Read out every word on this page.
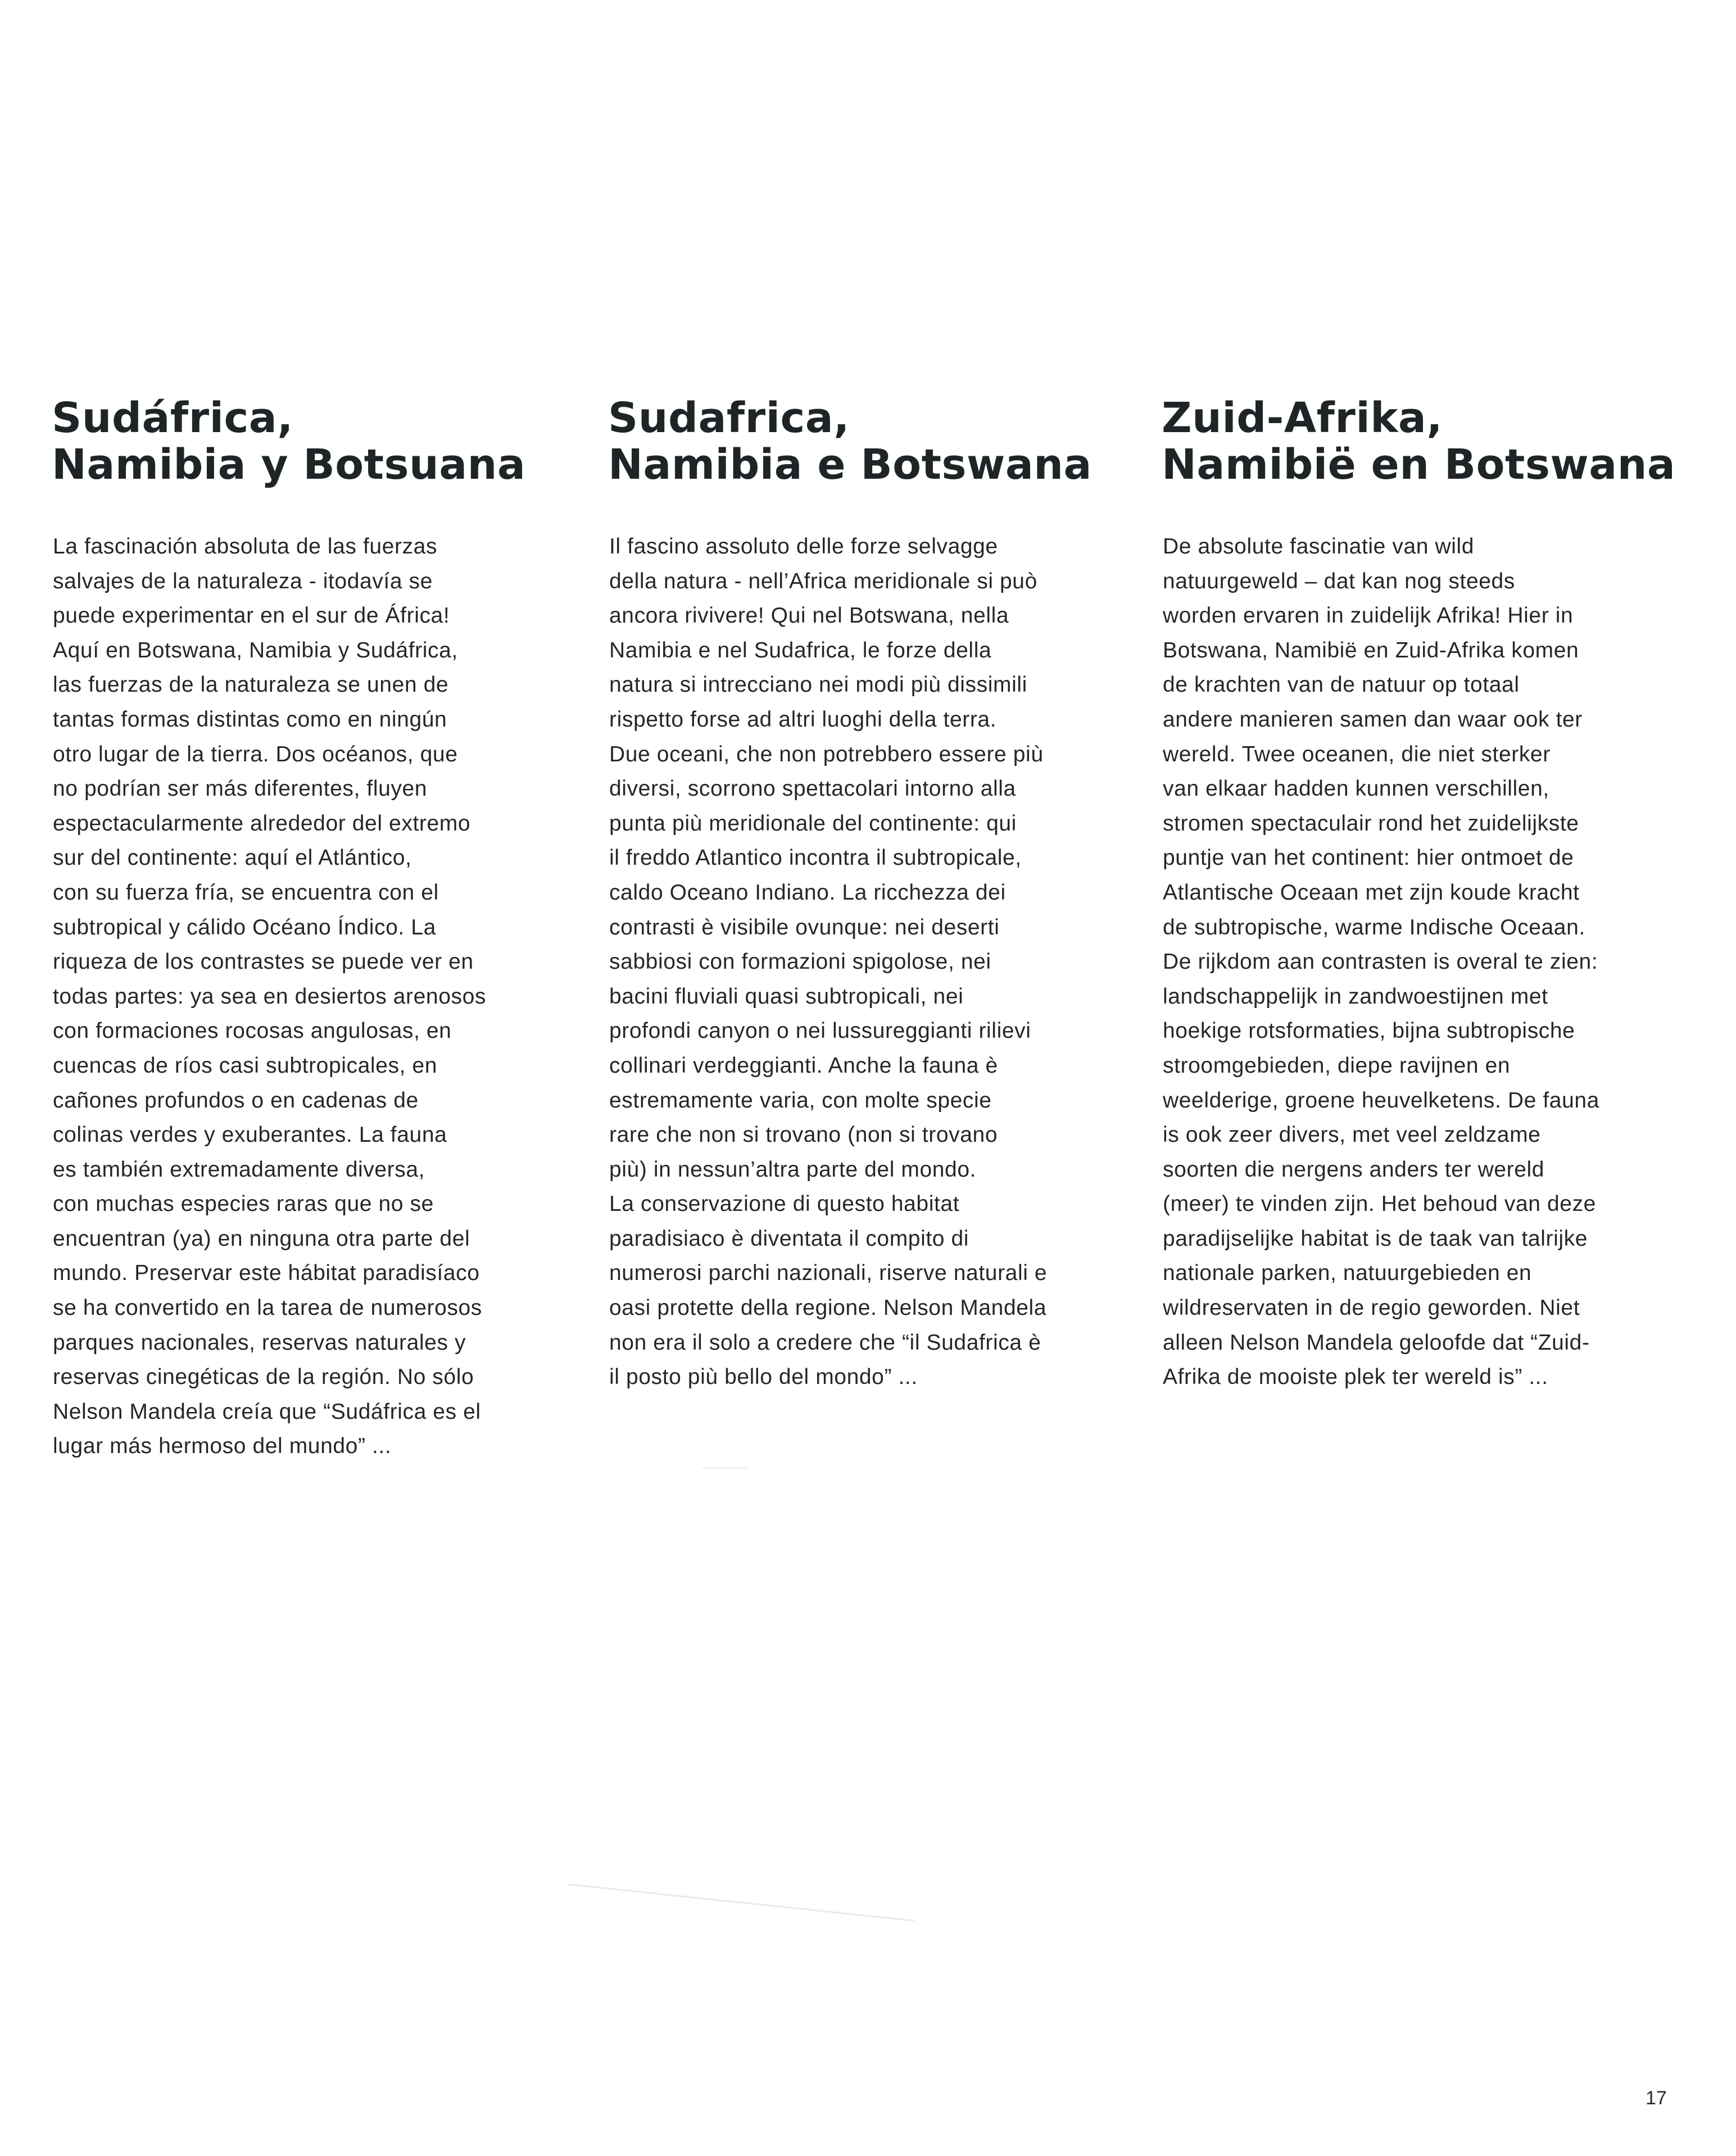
Sudáfrica,
Namibia y Botsuana

La fascinación absoluta de las fuerzas
salvajes de la naturaleza - itodavía se
puede experimentar en el sur de África!
Aquí en Botswana, Namibia y Sudáfrica,
las fuerzas de la naturaleza se unen de
tantas formas distintas como en ningún
otro lugar de la tierra. Dos océanos, que
no podrían ser más diferentes, fluyen
espectacularmente alrededor del extremo
sur del continente: aquí el Atlántico,
con su fuerza fría, se encuentra con el
subtropical y cálido Océano Índico. La
riqueza de los contrastes se puede ver en
todas partes: ya sea en desiertos arenosos
con formaciones rocosas angulosas, en
cuencas de ríos casi subtropicales, en
cañones profundos o en cadenas de
colinas verdes y exuberantes. La fauna
es también extremadamente diversa,
con muchas especies raras que no se
encuentran (ya) en ninguna otra parte del
mundo. Preservar este hábitat paradisíaco
se ha convertido en la tarea de numerosos
parques nacionales, reservas naturales y
reservas cinegéticas de la región. No sólo
Nelson Mandela creía que “Sudáfrica es el
lugar más hermoso del mundo” ...

Sudafrica,
Namibia e Botswana

Il fascino assoluto delle forze selvagge
della natura - nell’Africa meridionale si può
ancora rivivere! Qui nel Botswana, nella
Namibia e nel Sudafrica, le forze della
natura si intrecciano nei modi più dissimili
rispetto forse ad altri luoghi della terra.
Due oceani, che non potrebbero essere più
diversi, scorrono spettacolari intorno alla
punta più meridionale del continente: qui
il freddo Atlantico incontra il subtropicale,
caldo Oceano Indiano. La ricchezza dei
contrasti è visibile ovunque: nei deserti
sabbiosi con formazioni spigolose, nei
bacini fluviali quasi subtropicali, nei
profondi canyon o nei lussureggianti rilievi
collinari verdeggianti. Anche la fauna è
estremamente varia, con molte specie
rare che non si trovano (non si trovano
più) in nessun’altra parte del mondo.
La conservazione di questo habitat
paradisiaco è diventata il compito di
numerosi parchi nazionali, riserve naturali e
oasi protette della regione. Nelson Mandela
non era il solo a credere che “il Sudafrica è
il posto più bello del mondo” ...

Zuid-Afrika,
Namibië en Botswana

De absolute fascinatie van wild
natuurgeweld – dat kan nog steeds
worden ervaren in zuidelijk Afrika! Hier in
Botswana, Namibië en Zuid-Afrika komen
de krachten van de natuur op totaal
andere manieren samen dan waar ook ter
wereld. Twee oceanen, die niet sterker
van elkaar hadden kunnen verschillen,
stromen spectaculair rond het zuidelijkste
puntje van het continent: hier ontmoet de
Atlantische Oceaan met zijn koude kracht
de subtropische, warme Indische Oceaan.
De rijkdom aan contrasten is overal te zien:
landschappelijk in zandwoestijnen met
hoekige rotsformaties, bijna subtropische
stroomgebieden, diepe ravijnen en
weelderige, groene heuvelketens. De fauna
is ook zeer divers, met veel zeldzame
soorten die nergens anders ter wereld
(meer) te vinden zijn. Het behoud van deze
paradijselijke habitat is de taak van talrijke
nationale parken, natuurgebieden en
wildreservaten in de regio geworden. Niet
alleen Nelson Mandela geloofde dat “Zuid-
Afrika de mooiste plek ter wereld is” ...

17
